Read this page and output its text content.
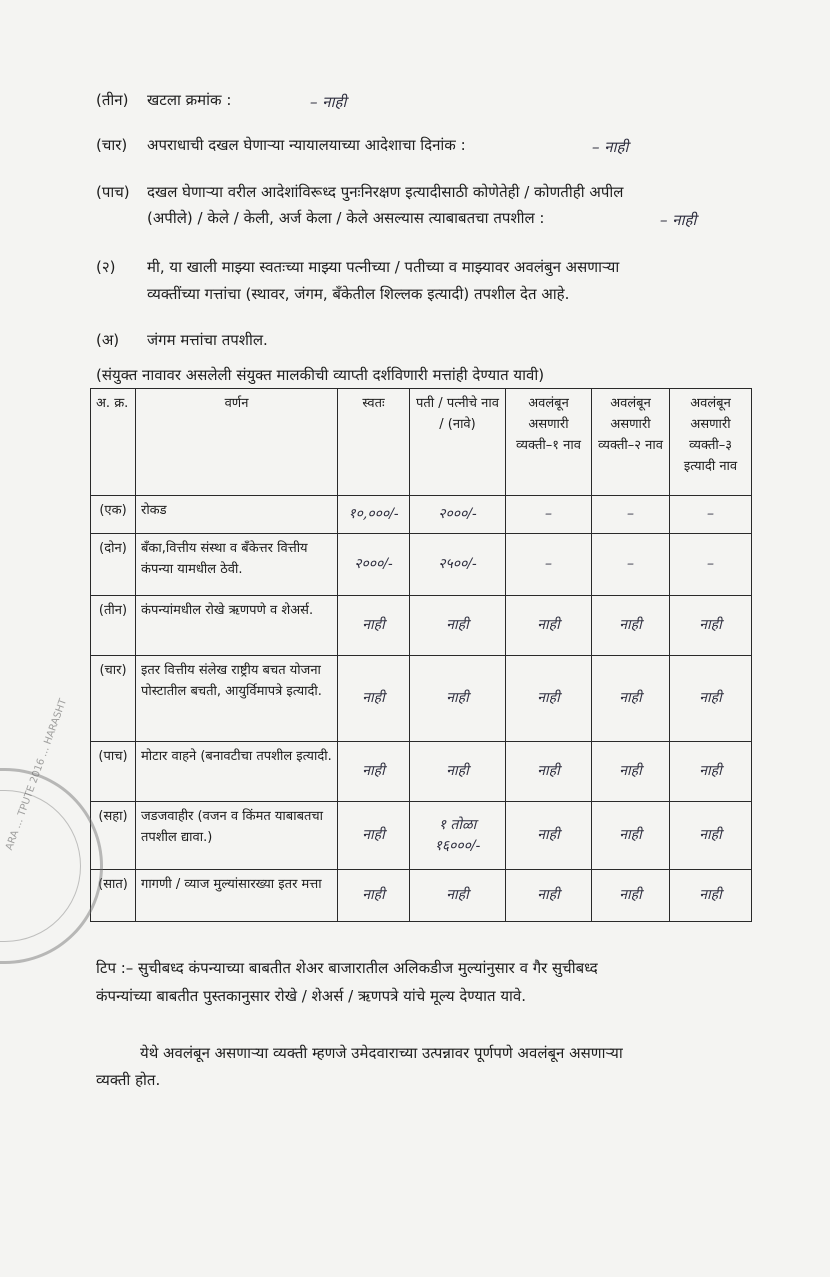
(तीन) खटला क्रमांक :	– नाही
(चार) अपराधाची दखल घेणाऱ्या न्यायालयाच्या आदेशाचा दिनांक :	– नाही
(पाच) दखल घेणाऱ्या वरील आदेशांविरूध्द पुनःनिरक्षण इत्यादीसाठी कोणेतेही / कोणतीही अपील
(अपीले) / केले / केली, अर्ज केला / केले असल्यास त्याबाबतचा तपशील :	– नाही
(२) मी, या खाली माझ्या स्वतःच्या माझ्या पत्नीच्या / पतीच्या व माझ्यावर अवलंबुन असणाऱ्या
व्यक्तींच्या गत्तांचा (स्थावर, जंगम, बँकेतील शिल्लक इत्यादी) तपशील देत आहे.
(अ) जंगम मत्तांचा तपशील.
(संयुक्त नावावर असलेली संयुक्त मालकीची व्याप्ती दर्शविणारी मत्तांही देण्यात यावी)
अ. क्र.	वर्णन	स्वतः	पती / पत्नीचे नाव / (नावे)	अवलंबून असणारी व्यक्ती–१ नाव	अवलंबून असणारी व्यक्ती–२ नाव	अवलंबून असणारी व्यक्ती–३ इत्यादी नाव
(एक)	रोकड	१०,०००/-	२०००/-	–	–	–
(दोन)	बँका,वित्तीय संस्था व बँकेत्तर वित्तीय कंपन्या यामधील ठेवी.	२०००/-	२५००/-	–	–	–
(तीन)	कंपन्यांमधील रोखे ऋणपणे व शेअर्स.	नाही	नाही	नाही	नाही	नाही
(चार)	इतर वित्तीय संलेख राष्ट्रीय बचत योजना पोस्टातील बचती, आयुर्विमापत्रे इत्यादी.	नाही	नाही	नाही	नाही	नाही
(पाच)	मोटार वाहने (बनावटीचा तपशील इत्यादी.	नाही	नाही	नाही	नाही	नाही
(सहा)	जडजवाहीर (वजन व किंमत याबाबतचा तपशील द्यावा.)	नाही	१ तोळा १६०००/-	नाही	नाही	नाही
(सात)	गागणी / व्याज मुल्यांसारख्या इतर मत्ता	नाही	नाही	नाही	नाही	नाही
टिप :– सुचीबध्द कंपन्याच्या बाबतीत शेअर बाजारातील अलिकडीज मुल्यांनुसार व गैर सुचीबध्द
कंपन्यांच्या बाबतीत पुस्तकानुसार रोखे / शेअर्स / ऋणपत्रे यांचे मूल्य देण्यात यावे.
येथे अवलंबून असणाऱ्या व्यक्ती म्हणजे उमेदवाराच्या उत्पन्नावर पूर्णपणे अवलंबून असणाऱ्या
व्यक्ती होत.
ARA ... TPUTE 2016 ... HARASHT
